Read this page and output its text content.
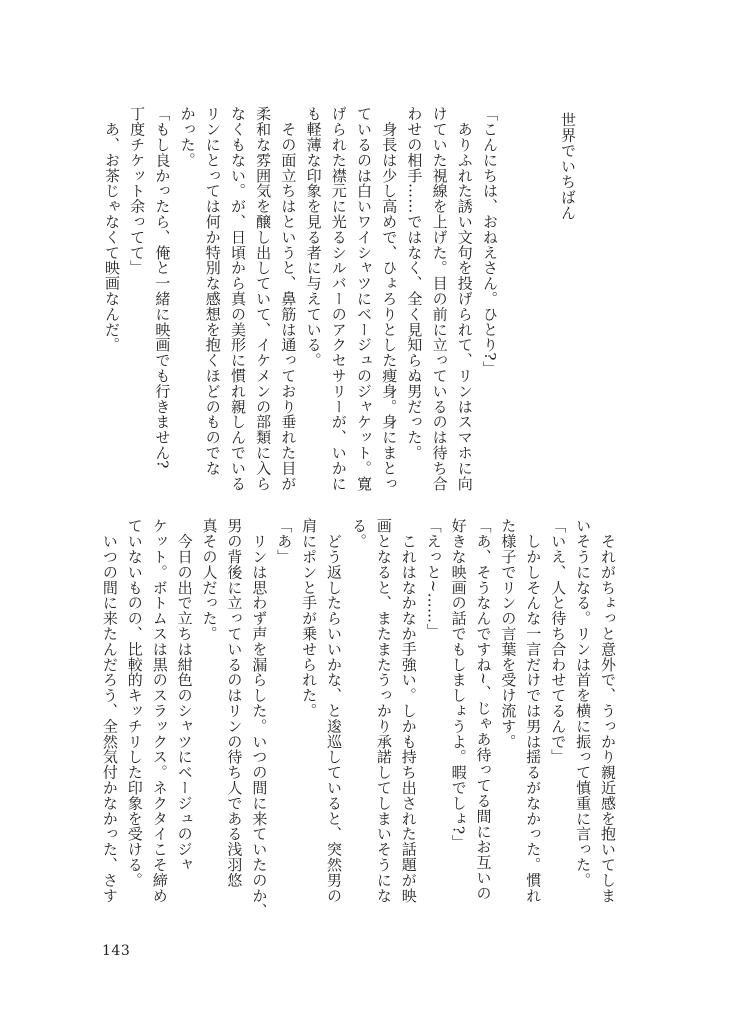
世界でいちばん
「こんにちは、おねえさん。ひとり?」
　ありふれた誘い文句を投げられて、リンはスマホに向
けていた視線を上げた。目の前に立っているのは待ち合
わせの相手……ではなく、全く見知らぬ男だった。
　身長は少し高めで、ひょろりとした痩身。身にまとっ
ているのは白いワイシャツにベージュのジャケット。寛
げられた襟元に光るシルバーのアクセサリーが、いかに
も軽薄な印象を見る者に与えている。
　その面立ちはというと、鼻筋は通っており垂れた目が
柔和な雰囲気を醸し出していて、イケメンの部類に入ら
なくもない。が、日頃から真の美形に慣れ親しんでいる
リンにとっては何か特別な感想を抱くほどのものでな
かった。
「もし良かったら、俺と一緒に映画でも行きません?
丁度チケット余ってて」
　あ、お茶じゃなくて映画なんだ。
　それがちょっと意外で、うっかり親近感を抱いてしま
いそうになる。リンは首を横に振って慎重に言った。
「いえ、人と待ち合わせてるんで」
　しかしそんな一言だけでは男は揺るがなかった。慣れ
た様子でリンの言葉を受け流す。
「あ、そうなんですね~、じゃあ待ってる間にお互いの
好きな映画の話でもしましょうよ。暇でしょ?」
「えっと~……」
　これはなかなか手強い。しかも持ち出された話題が映
画となると、またまたうっかり承諾してしまいそうにな
る。
　どう返したらいいかな、と逡巡していると、突然男の
肩にポンと手が乗せられた。
「あ」
　リンは思わず声を漏らした。いつの間に来ていたのか、
男の背後に立っているのはリンの待ち人である浅羽悠
真その人だった。
　今日の出で立ちは紺色のシャツにベージュのジャ
ケット。ボトムスは黒のスラックス。ネクタイこそ締め
ていないものの、比較的キッチリした印象を受ける。
　いつの間に来たんだろう、全然気付かなかった、さす
143
